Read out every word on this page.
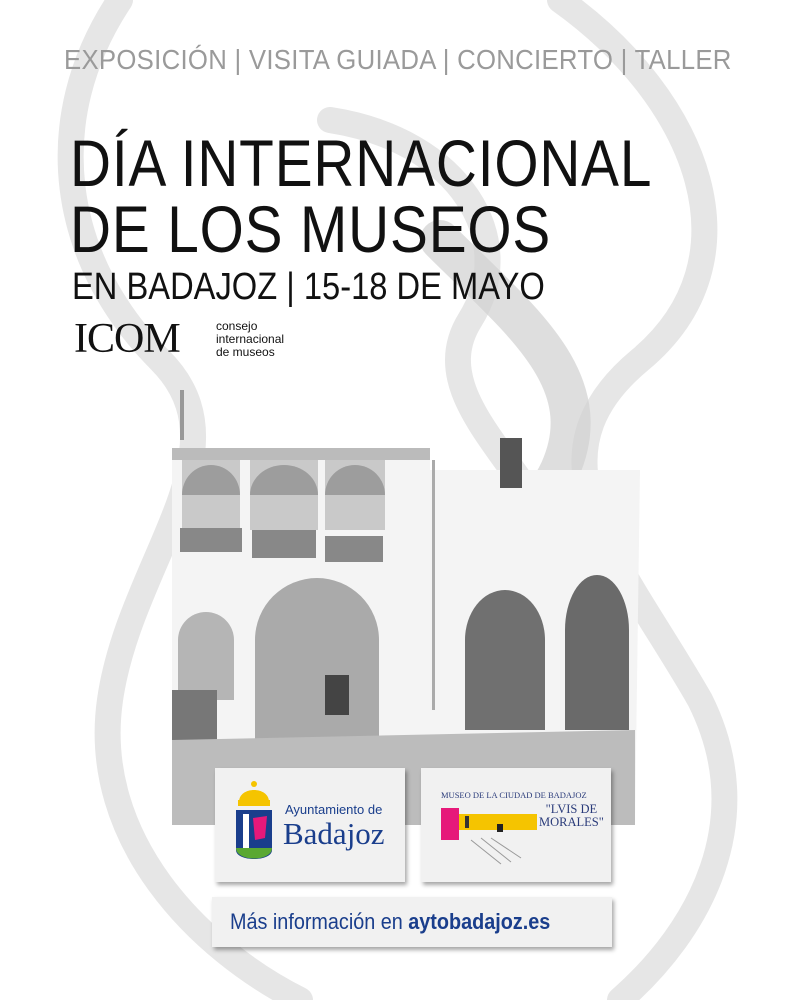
EXPOSICIÓN | VISITA GUIADA | CONCIERTO | TALLER
DÍA INTERNACIONAL
DE LOS MUSEOS
EN BADAJOZ | 15-18 DE MAYO
ICOM	consejo
internacional
de museos
Ayuntamiento de
Badajoz
MUSEO DE LA CIUDAD DE BADAJOZ
"LVIS DE
MORALES"
Más información en aytobadajoz.es
